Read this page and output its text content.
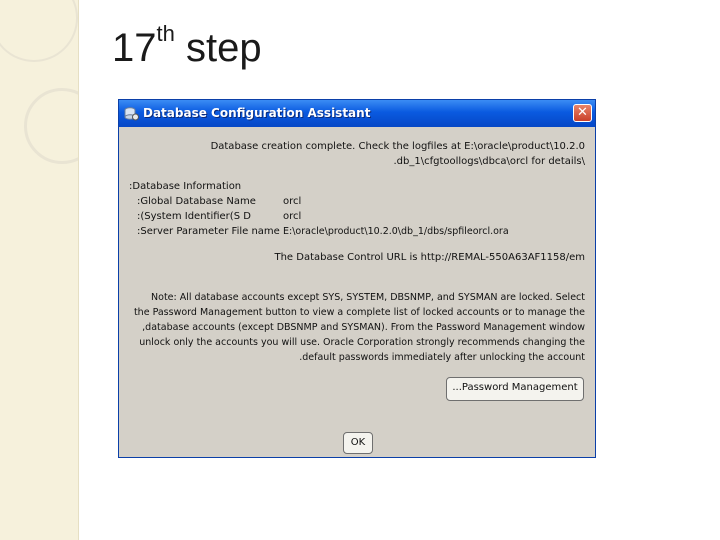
17th step
Database Configuration Assistant	✕
Database creation complete. Check the logfiles at E:\oracle\product\10.2.0
.db_1\cfgtoollogs\dbca\orcl for details\
:Database Information
:Global Database Name	orcl
:(System Identifier(S D	orcl
:Server Parameter File name E:\oracle\product\10.2.0\db_1/dbs/spfileorcl.ora
The Database Control URL is http://REMAL-550A63AF1158/em
Note: All database accounts except SYS, SYSTEM, DBSNMP, and SYSMAN are locked. Select
the Password Management button to view a complete list of locked accounts or to manage the
,database accounts (except DBSNMP and SYSMAN). From the Password Management window
unlock only the accounts you will use. Oracle Corporation strongly recommends changing the
.default passwords immediately after unlocking the account
...Password Management
OK
